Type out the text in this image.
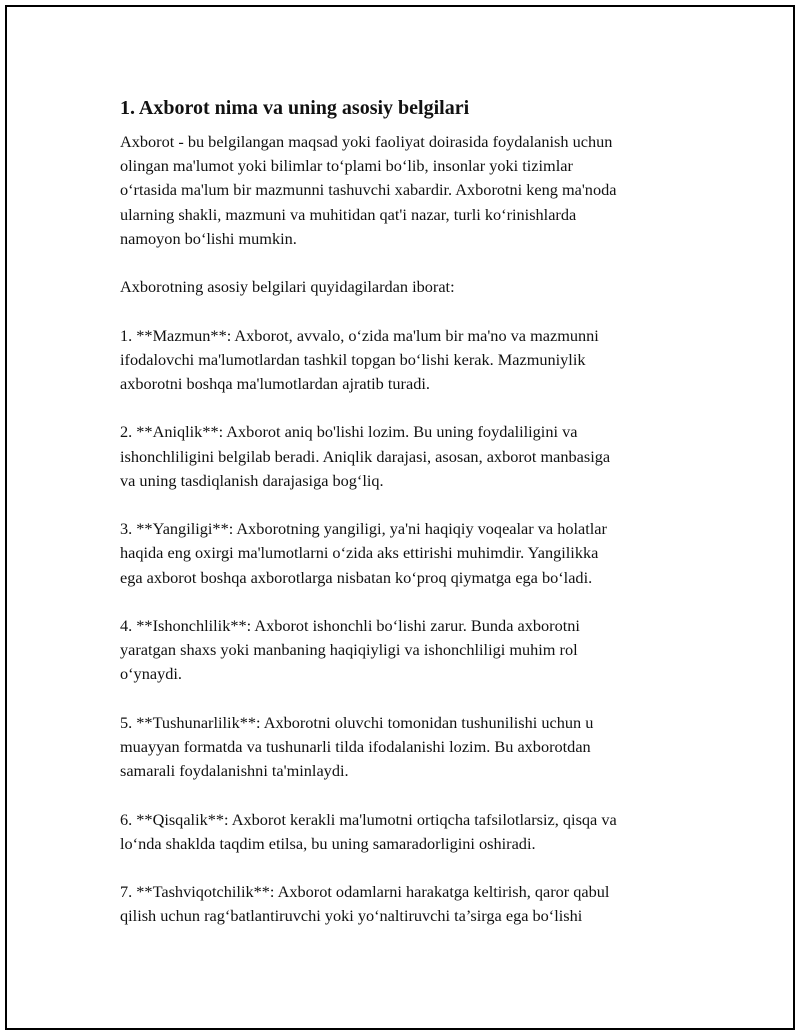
1. Axborot nima va uning asosiy belgilari

Axborot - bu belgilangan maqsad yoki faoliyat doirasida foydalanish uchun
olingan ma'lumot yoki bilimlar to‘plami bo‘lib, insonlar yoki tizimlar
o‘rtasida ma'lum bir mazmunni tashuvchi xabardir. Axborotni keng ma'noda
ularning shakli, mazmuni va muhitidan qat'i nazar, turli ko‘rinishlarda
namoyon bo‘lishi mumkin.

Axborotning asosiy belgilari quyidagilardan iborat:

1. **Mazmun**: Axborot, avvalo, o‘zida ma'lum bir ma'no va mazmunni
ifodalovchi ma'lumotlardan tashkil topgan bo‘lishi kerak. Mazmuniylik
axborotni boshqa ma'lumotlardan ajratib turadi.

2. **Aniqlik**: Axborot aniq bo'lishi lozim. Bu uning foydaliligini va
ishonchliligini belgilab beradi. Aniqlik darajasi, asosan, axborot manbasiga
va uning tasdiqlanish darajasiga bog‘liq.

3. **Yangiligi**: Axborotning yangiligi, ya'ni haqiqiy voqealar va holatlar
haqida eng oxirgi ma'lumotlarni o‘zida aks ettirishi muhimdir. Yangilikka
ega axborot boshqa axborotlarga nisbatan ko‘proq qiymatga ega bo‘ladi.

4. **Ishonchlilik**: Axborot ishonchli bo‘lishi zarur. Bunda axborotni
yaratgan shaxs yoki manbaning haqiqiyligi va ishonchliligi muhim rol
o‘ynaydi.

5. **Tushunarlilik**: Axborotni oluvchi tomonidan tushunilishi uchun u
muayyan formatda va tushunarli tilda ifodalanishi lozim. Bu axborotdan
samarali foydalanishni ta'minlaydi.

6. **Qisqalik**: Axborot kerakli ma'lumotni ortiqcha tafsilotlarsiz, qisqa va
lo‘nda shaklda taqdim etilsa, bu uning samaradorligini oshiradi.

7. **Tashviqotchilik**: Axborot odamlarni harakatga keltirish, qaror qabul
qilish uchun rag‘batlantiruvchi yoki yo‘naltiruvchi ta’sirga ega bo‘lishi
